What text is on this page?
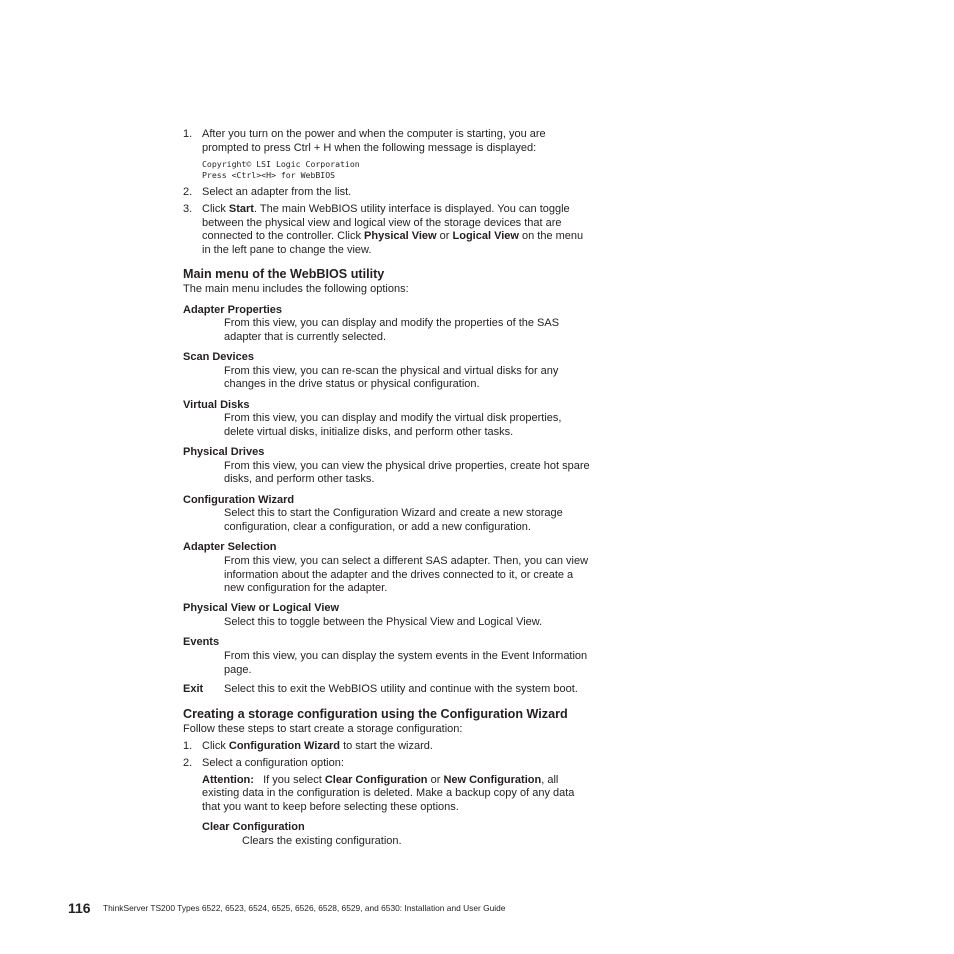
1. After you turn on the power and when the computer is starting, you are
prompted to press Ctrl + H when the following message is displayed:
Copyright© LSI Logic Corporation
Press <Ctrl><H> for WebBIOS
2. Select an adapter from the list.
3. Click Start. The main WebBIOS utility interface is displayed. You can toggle
between the physical view and logical view of the storage devices that are
connected to the controller. Click Physical View or Logical View on the menu
in the left pane to change the view.
Main menu of the WebBIOS utility
The main menu includes the following options:
Adapter Properties
From this view, you can display and modify the properties of the SAS
adapter that is currently selected.
Scan Devices
From this view, you can re-scan the physical and virtual disks for any
changes in the drive status or physical configuration.
Virtual Disks
From this view, you can display and modify the virtual disk properties,
delete virtual disks, initialize disks, and perform other tasks.
Physical Drives
From this view, you can view the physical drive properties, create hot spare
disks, and perform other tasks.
Configuration Wizard
Select this to start the Configuration Wizard and create a new storage
configuration, clear a configuration, or add a new configuration.
Adapter Selection
From this view, you can select a different SAS adapter. Then, you can view
information about the adapter and the drives connected to it, or create a
new configuration for the adapter.
Physical View or Logical View
Select this to toggle between the Physical View and Logical View.
Events
From this view, you can display the system events in the Event Information
page.
Exit Select this to exit the WebBIOS utility and continue with the system boot.
Creating a storage configuration using the Configuration Wizard
Follow these steps to start create a storage configuration:
1. Click Configuration Wizard to start the wizard.
2. Select a configuration option:
Attention:   If you select Clear Configuration or New Configuration, all
existing data in the configuration is deleted. Make a backup copy of any data
that you want to keep before selecting these options.
Clear Configuration
Clears the existing configuration.
116 ThinkServer TS200 Types 6522, 6523, 6524, 6525, 6526, 6528, 6529, and 6530: Installation and User Guide
